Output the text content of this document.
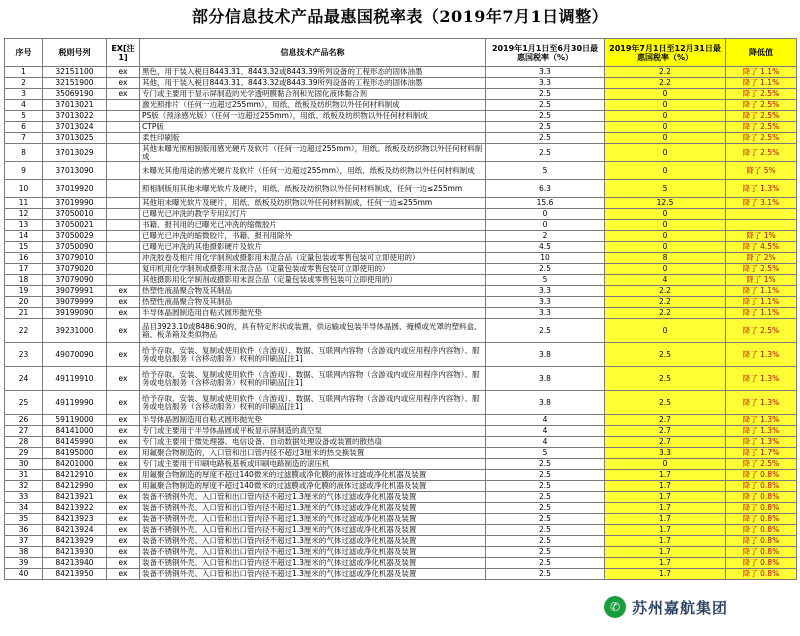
部分信息技术产品最惠国税率表（2019年7月1日调整）
序号	税则号列	EX[注1]	信息技术产品名称	2019年1月1日至6月30日最惠国税率（%）	2019年7月1日至12月31日最惠国税率（%）	降低值
1	32151100	ex	黑色，用于装入税目8443.31、8443.32或8443.39所列设备的工程形态的固体油墨	3.3	2.2	降了 1.1%
2	32151900	ex	其他，用于装入税目8443.31、8443.32或8443.39所列设备的工程形态的固体油墨	3.3	2.2	降了 1.1%
3	35069190	ex	专门或主要用于显示屏制造的光学透明膜黏合剂和光固化液体黏合剂	2.5	0	降了 2.5%
4	37013021		激光照排片（任何一边超过255mm），用纸、纸板及纺织物以外任何材料制成	2.5	0	降了 2.5%
5	37013022		PS版（预涂感光版）（任何一边超过255mm），用纸、纸板及纺织物以外任何材料制成	2.5	0	降了 2.5%
6	37013024		CTP版	2.5	0	降了 2.5%
7	37013025		柔性印刷版	2.5	0	降了 2.5%
8	37013029		其他未曝光照相制版用感光硬片及软片（任何一边超过255mm），用纸、纸板及纺织物以外任何材料制成	2.5	0	降了 2.5%
9	37013090		未曝光其他用途的感光硬片及软片（任何一边超过255mm），用纸、纸板及纺织物以外任何材料制成	5	0	降了 5%
10	37019920		照相制版用其他未曝光软片及硬片，用纸、纸板及纺织物以外任何材料制成，任何一边≤255mm	6.3	5	降了 1.3%
11	37019990		其他用未曝光软片及硬片，用纸、纸板及纺织物以外任何材料制成，任何一边≤255mm	15.6	12.5	降了 3.1%
12	37050010		已曝光已冲洗的教学专用幻灯片	0	0	
13	37050021		书籍、报刊用的已曝光已冲洗的缩微胶片	0	0	
14	37050029		已曝光已冲洗的缩微胶片，书籍、报刊用除外	2	0	降了 1%
15	37050090		已曝光已冲洗的其他摄影硬片及软片	4.5	0	降了 4.5%
16	37079010		冲洗胶卷及相片用化学制剂或摄影用未混合品（定量包装或零售包装可立即使用的）	10	8	降了 2%
17	37079020		复印机用化学制剂或摄影用未混合品（定量包装或零售包装可立即使用的）	2.5	0	降了 2.5%
18	37079090		其他摄影用化学制剂或摄影用未混合品（定量包装或零售包装可立即使用的）	5	4	降了 1%
19	39079991	ex	热塑性液晶聚合物及其制品	3.3	2.2	降了 1.1%
20	39079999	ex	热塑性液晶聚合物及其制品	3.3	2.2	降了 1.1%
21	39199090	ex	半导体晶圆制造用自粘式圆形抛光垫	3.3	2.2	降了 1.1%
22	39231000	ex	品目3923.10或8486.90的，具有特定形状或装置，供运输或包装半导体晶圆、掩模或光罩的塑料盒、箱、板条箱及类似物品	2.5	0	降了 2.5%
23	49070090	ex	给予存取、安装、复制或使用软件（含游戏）、数据、互联网内容物（含游戏内或应用程序内容物）、服务或电信服务（含移动服务）权利的印刷品[注1]	3.8	2.5	降了 1.3%
24	49119910	ex	给予存取、安装、复制或使用软件（含游戏）、数据、互联网内容物（含游戏内或应用程序内容物）、服务或电信服务（含移动服务）权利的印刷品[注1]	3.8	2.5	降了 1.3%
25	49119990	ex	给予存取、安装、复制或使用软件（含游戏）、数据、互联网内容物（含游戏内或应用程序内容物）、服务或电信服务（含移动服务）权利的印刷品[注1]	3.8	2.5	降了 1.3%
26	59119000	ex	半导体晶圆制造用自粘式圆形抛光垫	4	2.7	降了 1.3%
27	84141000	ex	专门或主要用于半导体晶圆或平板显示屏制造的真空泵	4	2.7	降了 1.3%
28	84145990	ex	专门或主要用于微处理器、电信设备、自动数据处理设备或装置的散热扇	4	2.7	降了 1.3%
29	84195000	ex	用氟聚合物制造的，入口管和出口管内径不超过3厘米的热交换装置	5	3.3	降了 1.7%
30	84201000	ex	专门或主要用于印刷电路板基板或印刷电路制造的滚压机	2.5	0	降了 2.5%
31	84212910	ex	用氟聚合物制造的厚度不超过140微米的过滤膜或净化膜的液体过滤或净化机器及装置	2.5	1.7	降了 0.8%
32	84212990	ex	用氟聚合物制造的厚度不超过140微米的过滤膜或净化膜的液体过滤或净化机器及装置	2.5	1.7	降了 0.8%
33	84213921	ex	装备不锈钢外壳、入口管和出口管内径不超过1.3厘米的气体过滤或净化机器及装置	2.5	1.7	降了 0.8%
34	84213922	ex	装备不锈钢外壳、入口管和出口管内径不超过1.3厘米的气体过滤或净化机器及装置	2.5	1.7	降了 0.8%
35	84213923	ex	装备不锈钢外壳、入口管和出口管内径不超过1.3厘米的气体过滤或净化机器及装置	2.5	1.7	降了 0.8%
36	84213924	ex	装备不锈钢外壳、入口管和出口管内径不超过1.3厘米的气体过滤或净化机器及装置	2.5	1.7	降了 0.8%
37	84213929	ex	装备不锈钢外壳、入口管和出口管内径不超过1.3厘米的气体过滤或净化机器及装置	2.5	1.7	降了 0.8%
38	84213930	ex	装备不锈钢外壳、入口管和出口管内径不超过1.3厘米的气体过滤或净化机器及装置	2.5	1.7	降了 0.8%
39	84213940	ex	装备不锈钢外壳、入口管和出口管内径不超过1.3厘米的气体过滤或净化机器及装置	2.5	1.7	降了 0.8%
40	84213950	ex	装备不锈钢外壳、入口管和出口管内径不超过1.3厘米的气体过滤或净化机器及装置	2.5	1.7	降了 0.8%
✆ 苏州嘉航集团
